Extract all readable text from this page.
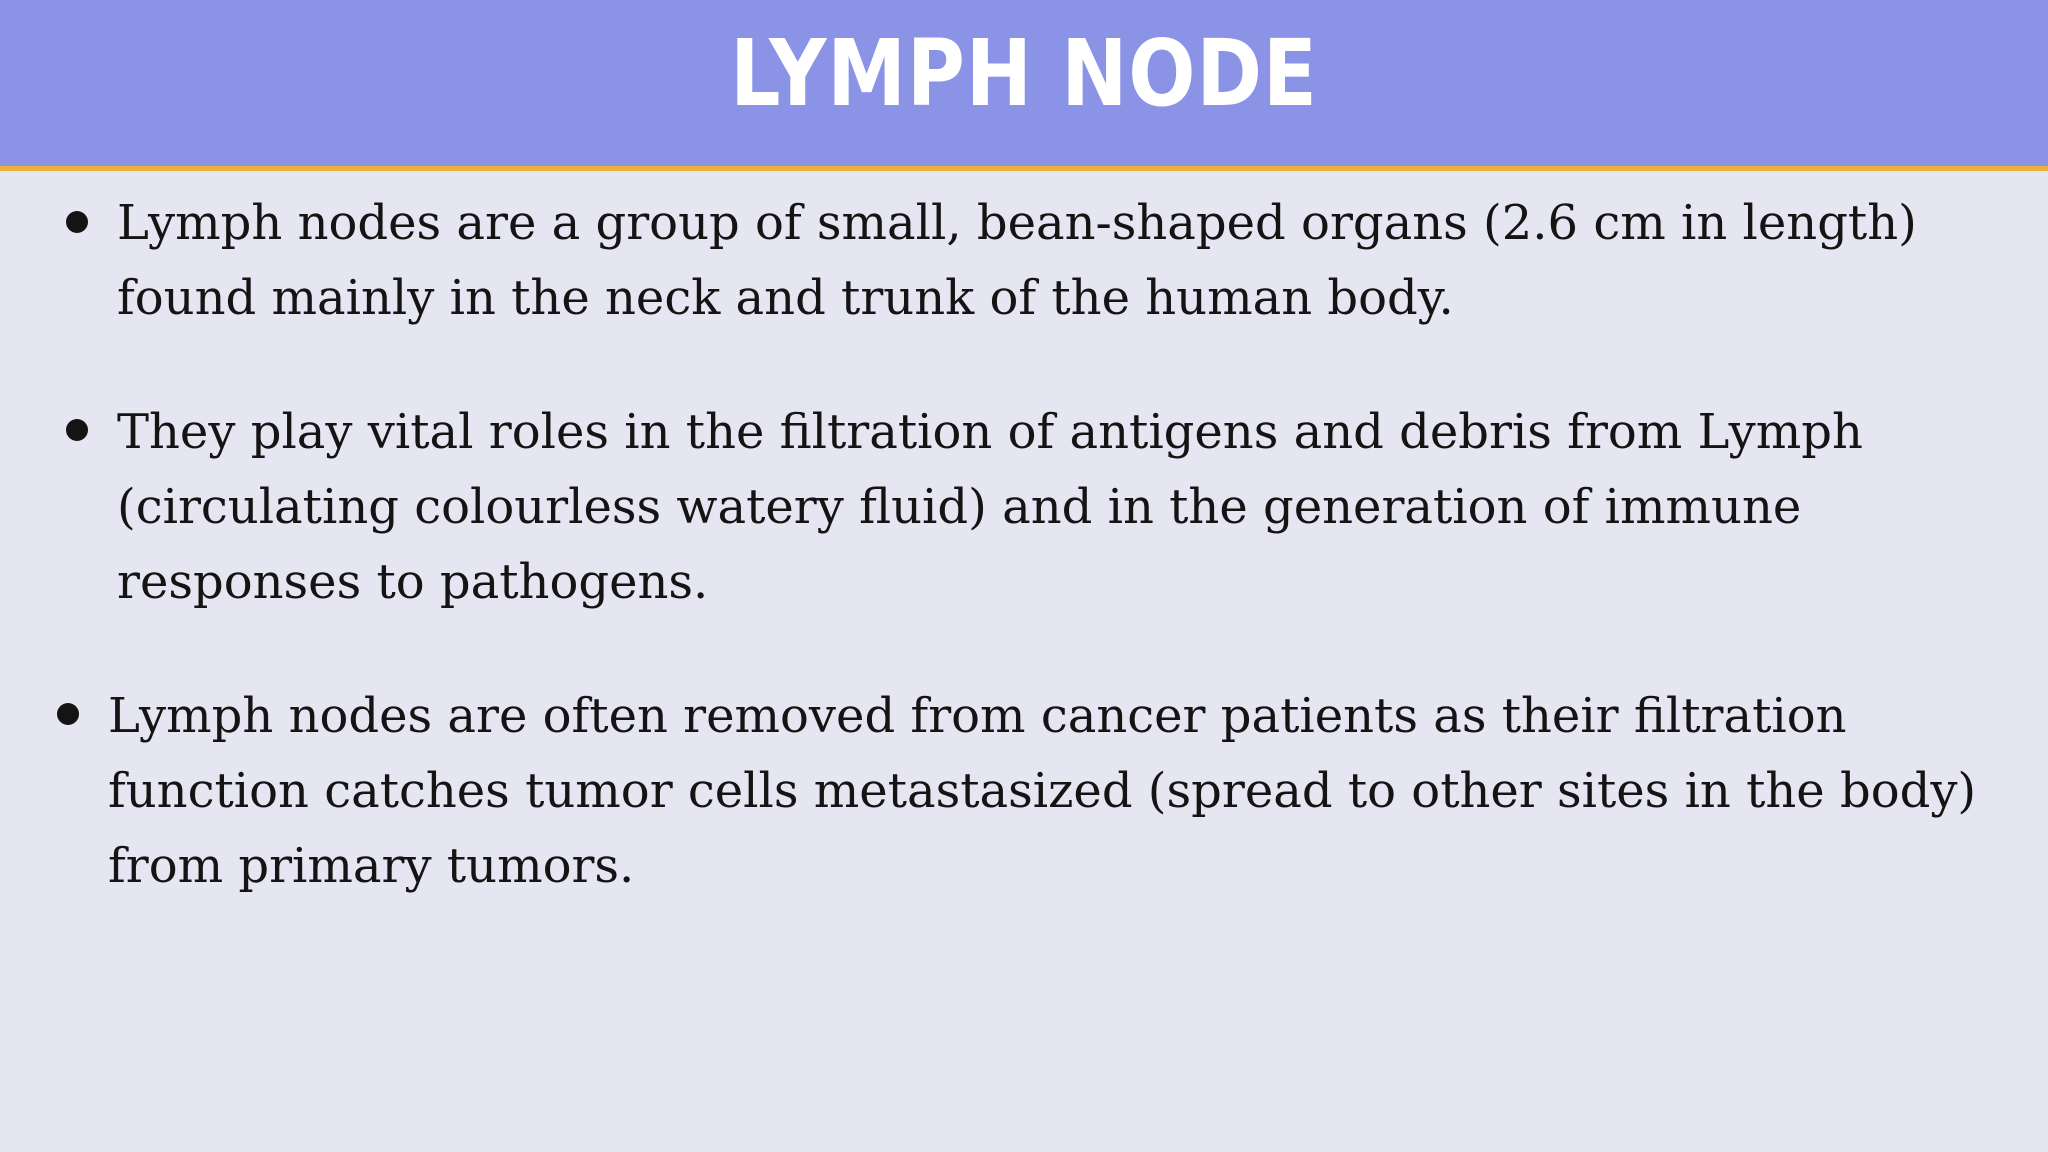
LYMPH NODE
Lymph nodes are a group of small, bean-shaped organs (2.6 cm in length)
found mainly in the neck and trunk of the human body.
They play vital roles in the filtration of antigens and debris from Lymph
(circulating colourless watery fluid) and in the generation of immune
responses to pathogens.
Lymph nodes are often removed from cancer patients as their filtration
function catches tumor cells metastasized (spread to other sites in the body)
from primary tumors.
